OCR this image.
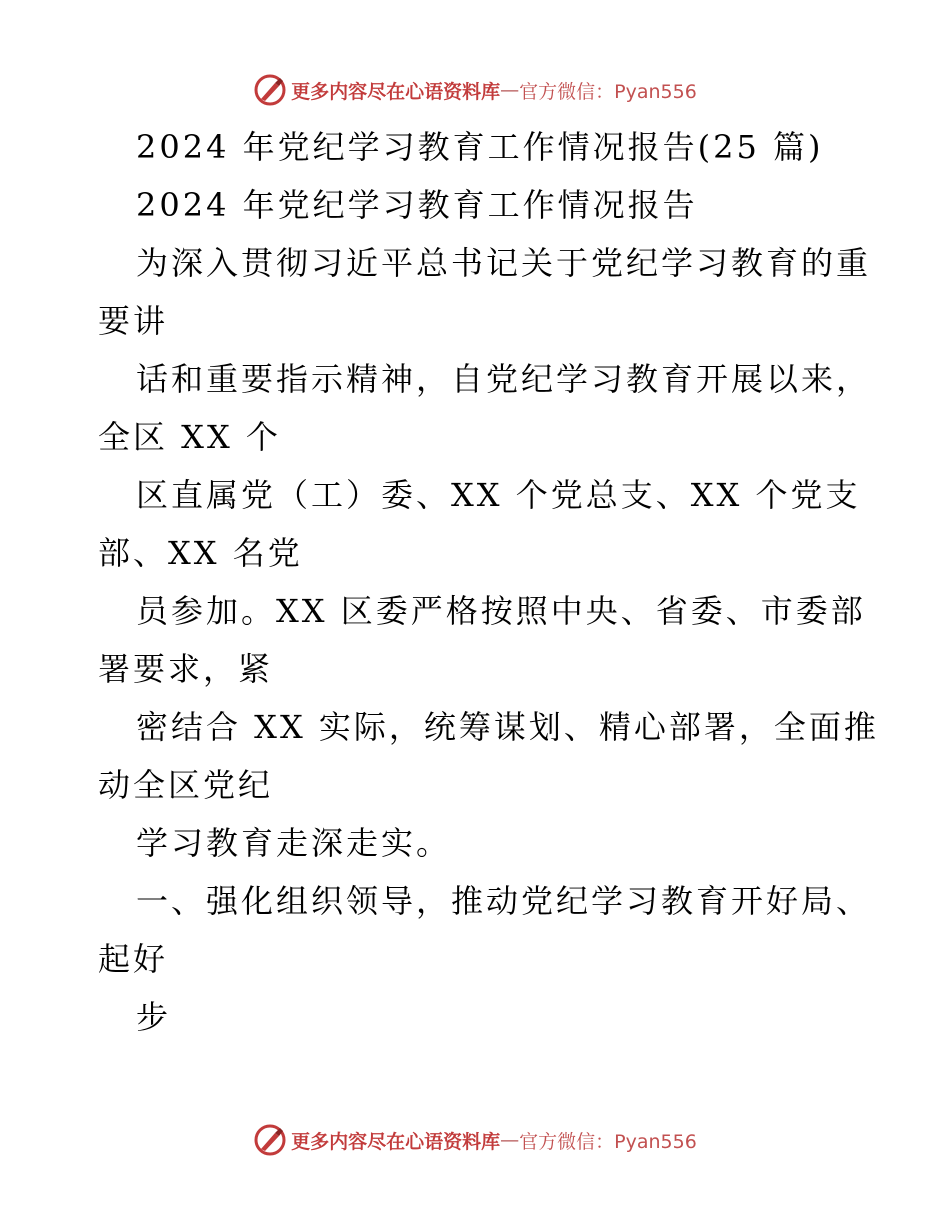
更多内容尽在心语资料库 — 官方微信：Pyan556
2024 年党纪学习教育工作情况报告(25 篇)
2024 年党纪学习教育工作情况报告
为深入贯彻习近平总书记关于党纪学习教育的重
要讲
话和重要指示精神，自党纪学习教育开展以来，
全区 XX 个
区直属党（工）委、XX 个党总支、XX 个党支
部、XX 名党
员参加。XX 区委严格按照中央、省委、市委部
署要求，紧
密结合 XX 实际，统筹谋划、精心部署，全面推
动全区党纪
学习教育走深走实。
一、强化组织领导，推动党纪学习教育开好局、
起好
步
更多内容尽在心语资料库 — 官方微信：Pyan556
